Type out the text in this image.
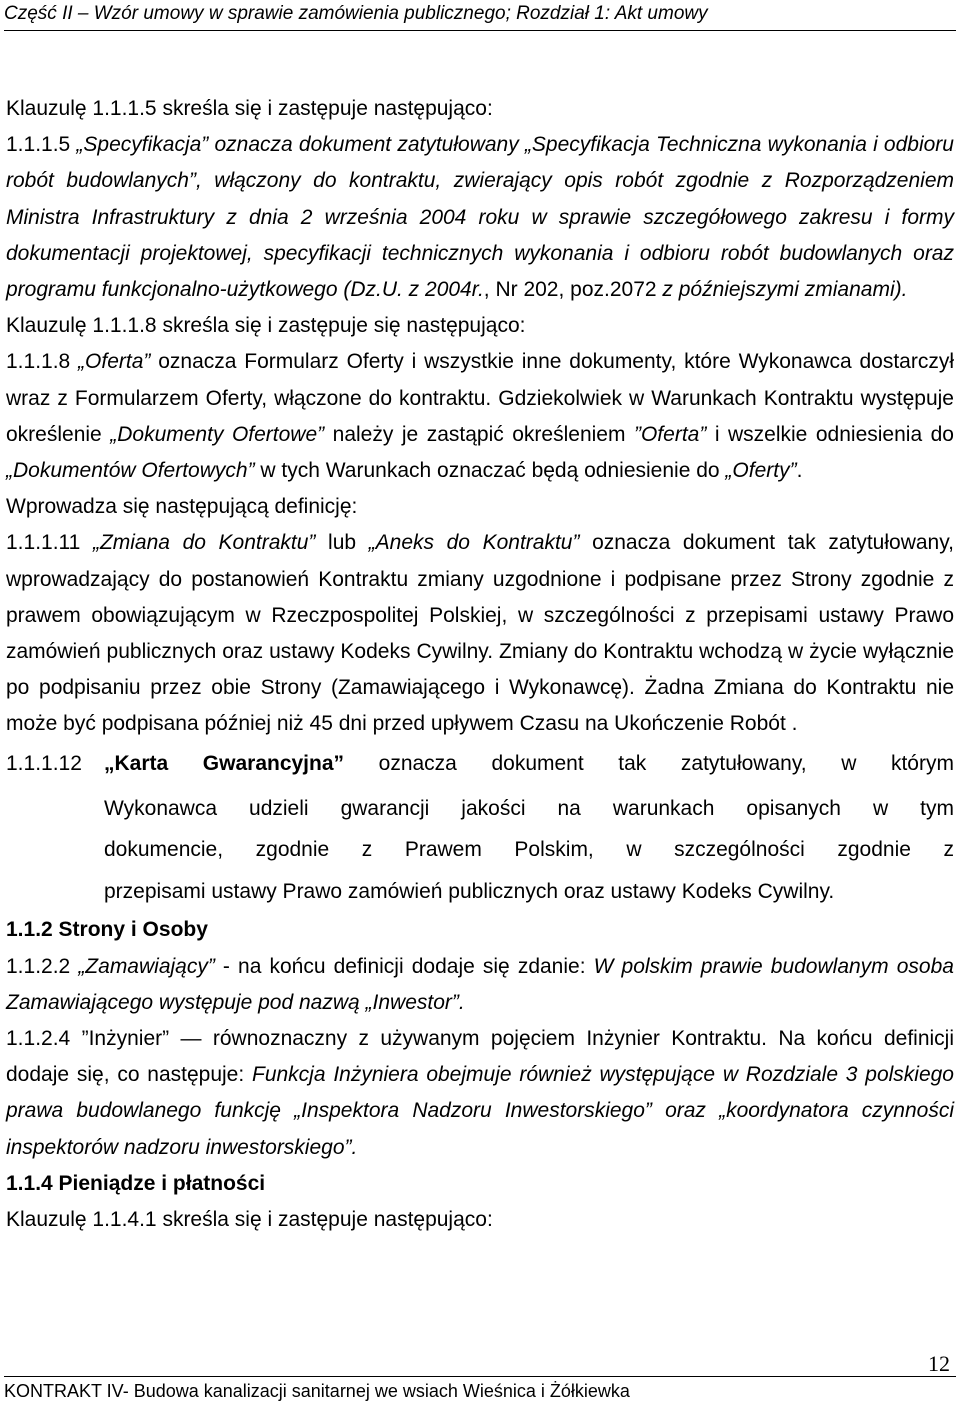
Część II – Wzór umowy w sprawie zamówienia publicznego; Rozdział 1: Akt umowy

Klauzulę 1.1.1.5 skreśla się i zastępuje następująco:

1.1.1.5 „Specyfikacja” oznacza dokument zatytułowany „Specyfikacja Techniczna wykonania i odbioru robót budowlanych”, włączony do kontraktu, zwierający opis robót zgodnie z Rozporządzeniem Ministra Infrastruktury z dnia 2 września 2004 roku w sprawie szczegółowego zakresu i formy dokumentacji projektowej, specyfikacji technicznych wykonania i odbioru robót budowlanych oraz programu funkcjonalno-użytkowego (Dz.U. z 2004r., Nr 202, poz.2072 z późniejszymi zmianami).

Klauzulę 1.1.1.8 skreśla się i zastępuje się następująco:

1.1.1.8 „Oferta” oznacza Formularz Oferty i wszystkie inne dokumenty, które Wykonawca dostarczył wraz z Formularzem Oferty, włączone do kontraktu. Gdziekolwiek w Warunkach Kontraktu występuje określenie „Dokumenty Ofertowe” należy je zastąpić określeniem ”Oferta” i wszelkie odniesienia do „Dokumentów Ofertowych” w tych Warunkach oznaczać będą odniesienie do „Oferty”.

Wprowadza się następującą definicję:

1.1.1.11 „Zmiana do Kontraktu” lub „Aneks do Kontraktu” oznacza dokument tak zatytułowany, wprowadzający do postanowień Kontraktu zmiany uzgodnione i podpisane przez Strony zgodnie z prawem obowiązującym w Rzeczpospolitej Polskiej, w szczególności z przepisami ustawy Prawo zamówień publicznych oraz ustawy Kodeks Cywilny. Zmiany do Kontraktu wchodzą w życie wyłącznie po podpisaniu przez obie Strony (Zamawiającego i Wykonawcę). Żadna Zmiana do Kontraktu nie może być podpisana później niż 45 dni przed upływem Czasu na Ukończenie Robót .

1.1.1.12	„Karta Gwarancyjna” oznacza dokument tak zatytułowany, w którym
Wykonawca udzieli gwarancji jakości na warunkach opisanych w tym
dokumencie, zgodnie z Prawem Polskim, w szczególności zgodnie z
przepisami ustawy Prawo zamówień publicznych oraz ustawy Kodeks Cywilny.

1.1.2 Strony i Osoby

1.1.2.2 „Zamawiający” - na końcu definicji dodaje się zdanie: W polskim prawie budowlanym osoba Zamawiającego występuje pod nazwą „Inwestor”.

1.1.2.4 ”Inżynier” — równoznaczny z używanym pojęciem Inżynier Kontraktu. Na końcu definicji dodaje się, co następuje: Funkcja Inżyniera obejmuje również występujące w Rozdziale 3 polskiego prawa budowlanego funkcję „Inspektora Nadzoru Inwestorskiego” oraz „koordynatora czynności inspektorów nadzoru inwestorskiego”.

1.1.4 Pieniądze i płatności

Klauzulę 1.1.4.1 skreśla się i zastępuje następująco:

12
KONTRAKT IV- Budowa kanalizacji sanitarnej we wsiach Wieśnica i Żółkiewka
